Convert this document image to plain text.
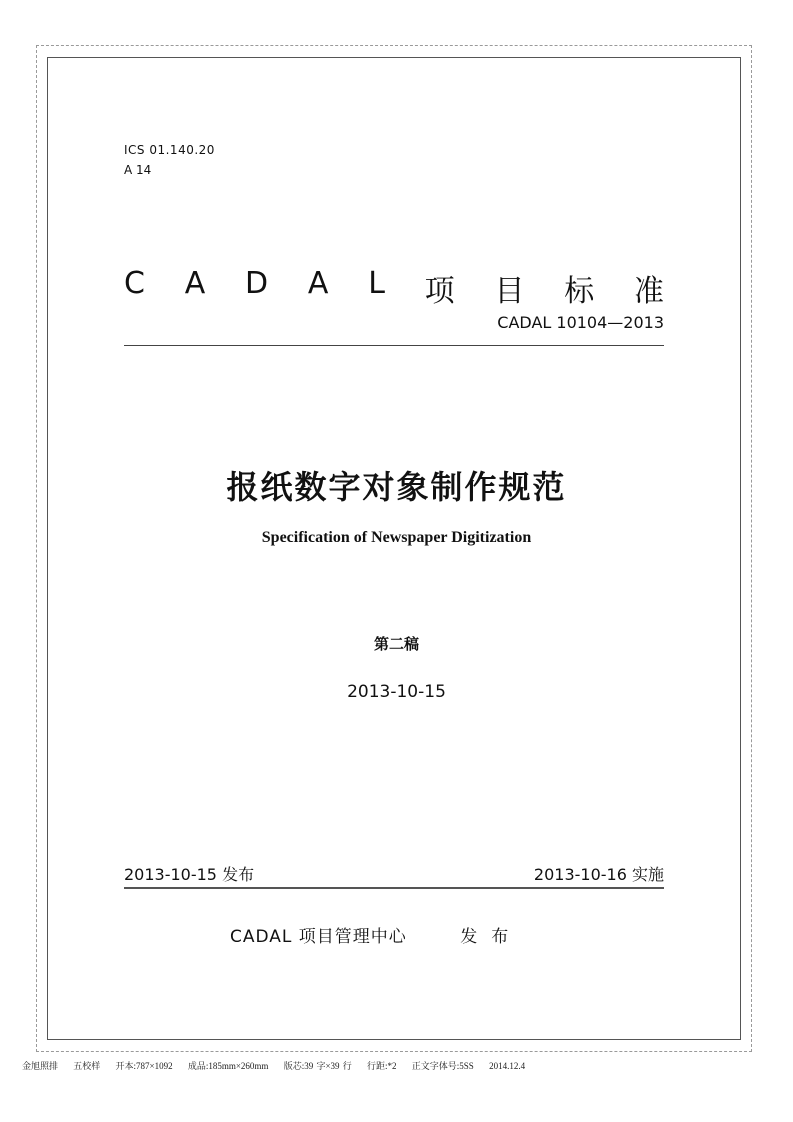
ICS 01.140.20
A 14
C A D A L 项 目 标 准
CADAL 10104—2013
报纸数字对象制作规范
Specification of Newspaper Digitization
第二稿
2013-10-15
2013-10-15 发布	2013-10-16 实施
CADAL 项目管理中心	发布
金旭照排 五校样 开本:787×1092 成品:185mm×260mm 版芯:39 字×39 行 行距:*2 正文字体号:5SS 2014.12.4
